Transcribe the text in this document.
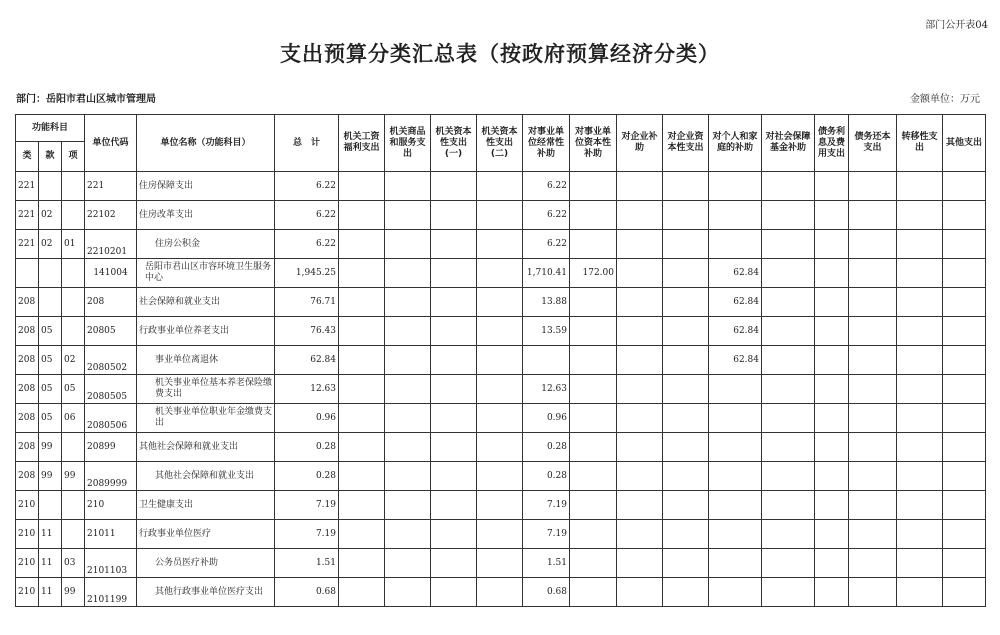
部门公开表04
支出预算分类汇总表（按政府预算经济分类）
部门：岳阳市君山区城市管理局	金额单位：万元
功能科目			单位代码	单位名称（功能科目）	总　计	机关工资福利支出	机关商品和服务支出	机关资本性支出(一)	机关资本性支出(二)	对事业单位经常性补助	对事业单位资本性补助	对企业补助	对企业资本性支出	对个人和家庭的补助	对社会保障基金补助	债务利息及费用支出	债务还本支出	转移性支出	其他支出
类	款	项																	
221			221	住房保障支出	6.22					6.22									
221	02		22102	住房改革支出	6.22					6.22									
221	02	01	2210201	住房公积金	6.22					6.22									
			141004	岳阳市君山区市容环境卫生服务中心	1,945.25					1,710.41	172.00			62.84					
208			208	社会保障和就业支出	76.71					13.88				62.84					
208	05		20805	行政事业单位养老支出	76.43					13.59				62.84					
208	05	02	2080502	事业单位离退休	62.84									62.84					
208	05	05	2080505	机关事业单位基本养老保险缴费支出	12.63					12.63									
208	05	06	2080506	机关事业单位职业年金缴费支出	0.96					0.96									
208	99		20899	其他社会保障和就业支出	0.28					0.28									
208	99	99	2089999	其他社会保障和就业支出	0.28					0.28									
210			210	卫生健康支出	7.19					7.19									
210	11		21011	行政事业单位医疗	7.19					7.19									
210	11	03	2101103	公务员医疗补助	1.51					1.51									
210	11	99	2101199	其他行政事业单位医疗支出	0.68					0.68									
